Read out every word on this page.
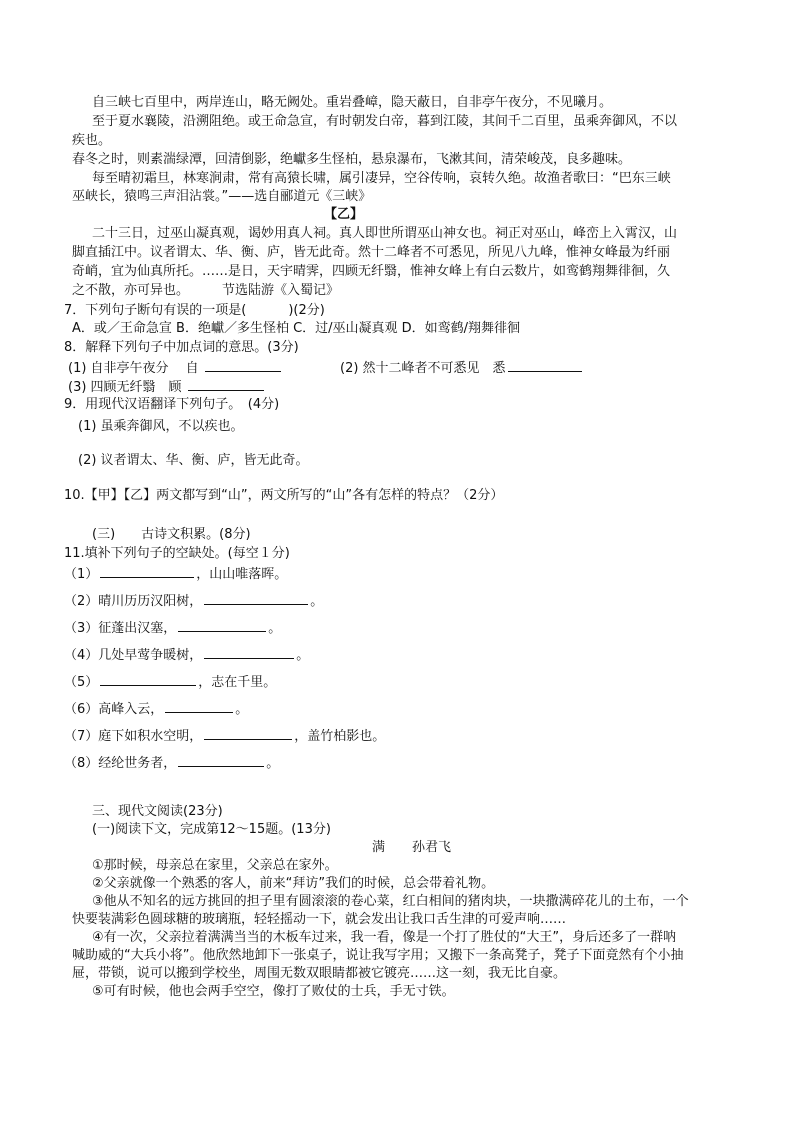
自三峡七百里中，两岸连山，略无阙处。重岩叠嶂，隐天蔽日，自非亭午夜分，不见曦月。
至于夏水襄陵，沿溯阻绝。或王命急宣，有时朝发白帝，暮到江陵，其间千二百里，虽乘奔御风，不以
疾也。
春冬之时，则素湍绿潭，回清倒影，绝巘多生怪柏，悬泉瀑布，飞漱其间，清荣峻茂，良多趣味。
每至晴初霜旦，林寒涧肃，常有高猿长啸，属引凄异，空谷传响，哀转久绝。故渔者歌曰：“巴东三峡
巫峡长，猿鸣三声泪沾裳。”——选自郦道元《三峡》
【乙】
二十三日，过巫山凝真观，谒妙用真人祠。真人即世所谓巫山神女也。祠正对巫山，峰峦上入霄汉，山
脚直插江中。议者谓太、华、衡、庐，皆无此奇。然十二峰者不可悉见，所见八九峰，惟神女峰最为纤丽
奇峭，宜为仙真所托。……是日，天宇晴霁，四顾无纤翳，惟神女峰上有白云数片，如鸾鹤翔舞徘徊，久
之不散，亦可异也。	节选陆游《入蜀记》
7．下列句子断句有误的一项是(	)(2分)
A．或／王命急宣 B．绝巘／多生怪柏 C．过/巫山凝真观 D．如鸾鹤/翔舞徘徊
8．解释下列句子中加点词的意思。(3分)
(1) 自非亭午夜分　 自	(2) 然十二峰者不可悉见　悉
(3) 四顾无纤翳　顾
9．用现代汉语翻译下列句子。　(4分)
(1) 虽乘奔御风，不以疾也。
(2) 议者谓太、华、衡、庐，皆无此奇。
10.【甲】【乙】两文都写到“山”，两文所写的“山”各有怎样的特点？（2分）
(三)　　古诗文积累。(8分)
11.填补下列句子的空缺处。(每空１分)
（1）	，山山唯落晖。
（2）晴川历历汉阳树，	。
（3）征蓬出汉塞，	。
（4）几处早莺争暖树，	。
（5）	，志在千里。
（6）高峰入云，	。
（7）庭下如积水空明，	，盖竹柏影也。
（8）经纶世务者，	。
三、现代文阅读(23分)
(一)阅读下文，完成第12～15题。(13分)
满 孙君飞
①那时候，母亲总在家里，父亲总在家外。
②父亲就像一个熟悉的客人，前来“拜访”我们的时候，总会带着礼物。
③他从不知名的远方挑回的担子里有圆滚滚的卷心菜，红白相间的猪肉块，一块撒满碎花儿的土布，一个
快要装满彩色圆球糖的玻璃瓶，轻轻摇动一下，就会发出让我口舌生津的可爱声响……
④有一次，父亲拉着满满当当的木板车过来，我一看，像是一个打了胜仗的“大王”，身后还多了一群呐
喊助威的“大兵小将”。他欣然地卸下一张桌子，说让我写字用；又搬下一条高凳子，凳子下面竟然有个小抽
屉，带锁，说可以搬到学校坐，周围无数双眼睛都被它镀亮……这一刻，我无比自豪。
⑤可有时候，他也会两手空空，像打了败仗的士兵，手无寸铁。
